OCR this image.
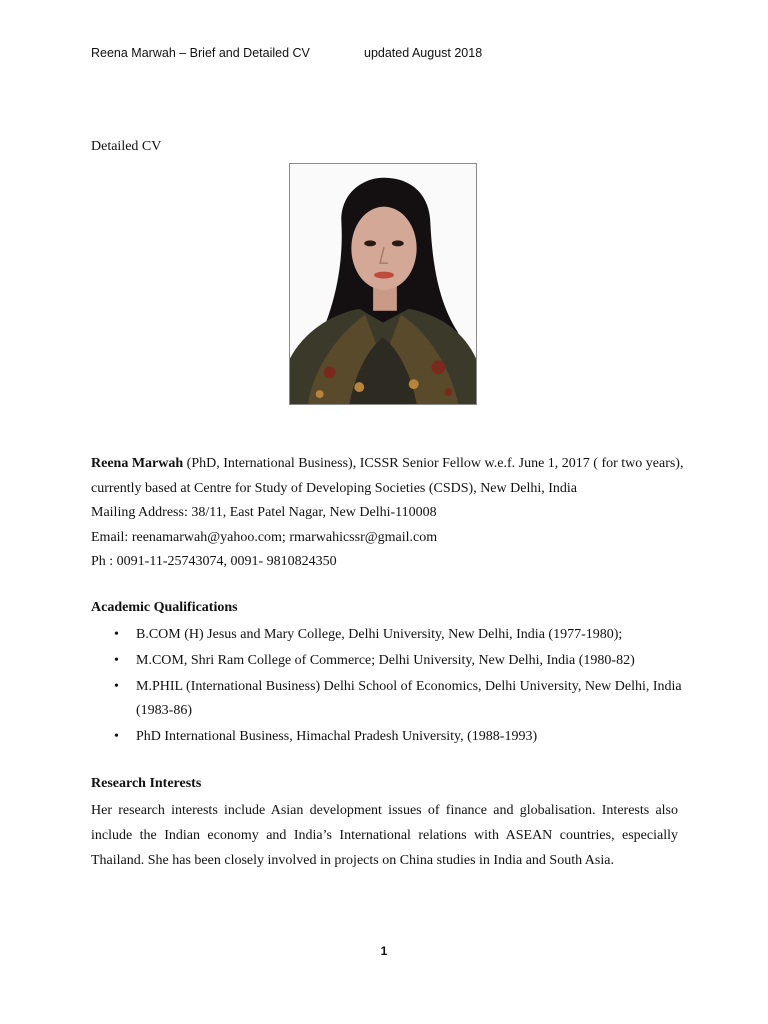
Reena Marwah – Brief and Detailed CV	updated August 2018
Detailed CV
Reena Marwah (PhD, International Business), ICSSR Senior Fellow w.e.f. June 1, 2017 ( for two years),
currently based at Centre for Study of Developing Societies (CSDS), New Delhi, India
Mailing Address: 38/11, East Patel Nagar, New Delhi-110008
Email: reenamarwah@yahoo.com; rmarwahicssr@gmail.com
Ph : 0091-11-25743074, 0091- 9810824350
Academic Qualifications
• B.COM (H) Jesus and Mary College, Delhi University, New Delhi, India (1977-1980);
• M.COM, Shri Ram College of Commerce; Delhi University, New Delhi, India (1980-82)
• M.PHIL (International Business) Delhi School of Economics, Delhi University, New Delhi, India (1983-86)
• PhD International Business, Himachal Pradesh University, (1988-1993)
Research Interests
Her research interests include Asian development issues of finance and globalisation. Interests also include the Indian economy and India’s International relations with ASEAN countries, especially Thailand. She has been closely involved in projects on China studies in India and South Asia.
1
